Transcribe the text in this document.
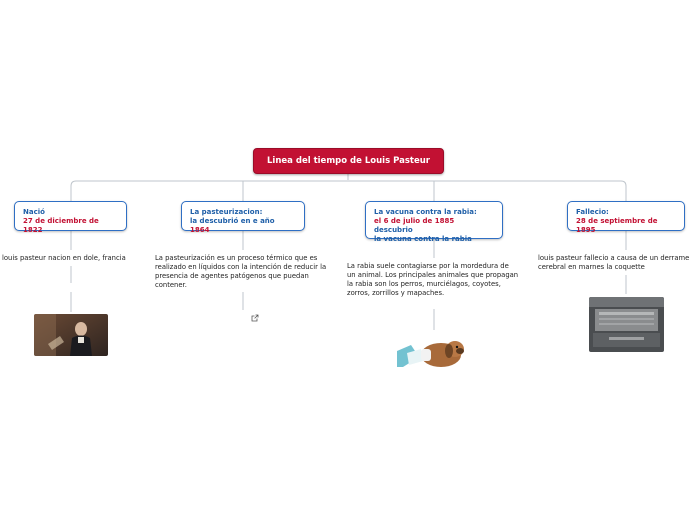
Linea del tiempo de Louis Pasteur
Nació
27 de diciembre de 1822
louis pasteur nacion en dole, francia
La pasteurizacion:
la descubrió en e año 1864
La pasteurización es un proceso térmico que es realizado en líquidos con la intención de reducir la presencia de agentes patógenos que puedan contener.
La vacuna contra la rabia:
el 6 de julio de 1885 descubrio
la vacuna contra la rabia
La rabia suele contagiarse por la mordedura de un animal. Los principales animales que propagan la rabia son los perros, murciélagos, coyotes, zorros, zorrillos y mapaches.
Fallecio:
28 de septiembre de 1895
louis pasteur fallecio a causa de un derrame cerebral en marnes la coquette
